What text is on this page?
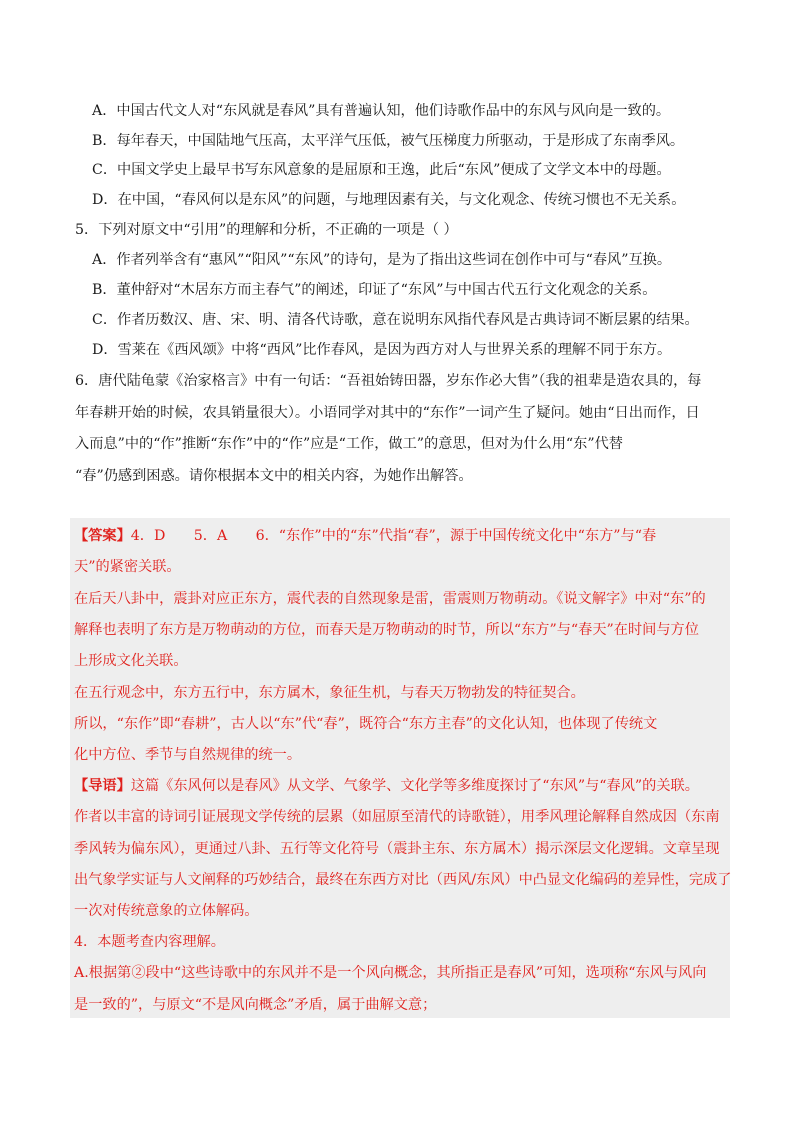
A．中国古代文人对“东风就是春风”具有普遍认知，他们诗歌作品中的东风与风向是一致的。
B．每年春天，中国陆地气压高，太平洋气压低，被气压梯度力所驱动，于是形成了东南季风。
C．中国文学史上最早书写东风意象的是屈原和王逸，此后“东风”便成了文学文本中的母题。
D．在中国，“春风何以是东风”的问题，与地理因素有关，与文化观念、传统习惯也不无关系。
5．下列对原文中“引用”的理解和分析，不正确的一项是（ ）
A．作者列举含有“惠风”“阳风”“东风”的诗句，是为了指出这些词在创作中可与“春风”互换。
B．董仲舒对“木居东方而主春气”的阐述，印证了“东风”与中国古代五行文化观念的关系。
C．作者历数汉、唐、宋、明、清各代诗歌，意在说明东风指代春风是古典诗词不断层累的结果。
D．雪莱在《西风颂》中将“西风”比作春风，是因为西方对人与世界关系的理解不同于东方。
6．唐代陆龟蒙《治家格言》中有一句话：“吾祖始铸田器，岁东作必大售”（我的祖辈是造农具的，每
年春耕开始的时候，农具销量很大）。小语同学对其中的“东作”一词产生了疑问。她由“日出而作，日
入而息”中的“作”推断“东作”中的“作”应是“工作，做工”的意思，但对为什么用“东”代替
“春”仍感到困惑。请你根据本文中的相关内容，为她作出解答。
【答案】4．D　　5．A　　6．“东作”中的“东”代指“春”，源于中国传统文化中“东方”与“春
天”的紧密关联。
在后天八卦中，震卦对应正东方，震代表的自然现象是雷，雷震则万物萌动。《说文解字》中对“东”的
解释也表明了东方是万物萌动的方位，而春天是万物萌动的时节，所以“东方”与“春天”在时间与方位
上形成文化关联。
在五行观念中，东方五行中，东方属木，象征生机，与春天万物勃发的特征契合。
所以，“东作”即“春耕”，古人以“东”代“春”，既符合“东方主春”的文化认知，也体现了传统文
化中方位、季节与自然规律的统一。
【导语】这篇《东风何以是春风》从文学、气象学、文化学等多维度探讨了“东风”与“春风”的关联。
作者以丰富的诗词引证展现文学传统的层累（如屈原至清代的诗歌链），用季风理论解释自然成因（东南
季风转为偏东风），更通过八卦、五行等文化符号（震卦主东、东方属木）揭示深层文化逻辑。文章呈现
出气象学实证与人文阐释的巧妙结合，最终在东西方对比（西风/东风）中凸显文化编码的差异性，完成了
一次对传统意象的立体解码。
4．本题考查内容理解。
A.根据第②段中“这些诗歌中的东风并不是一个风向概念，其所指正是春风”可知，选项称“东风与风向
是一致的”，与原文“不是风向概念”矛盾，属于曲解文意；
